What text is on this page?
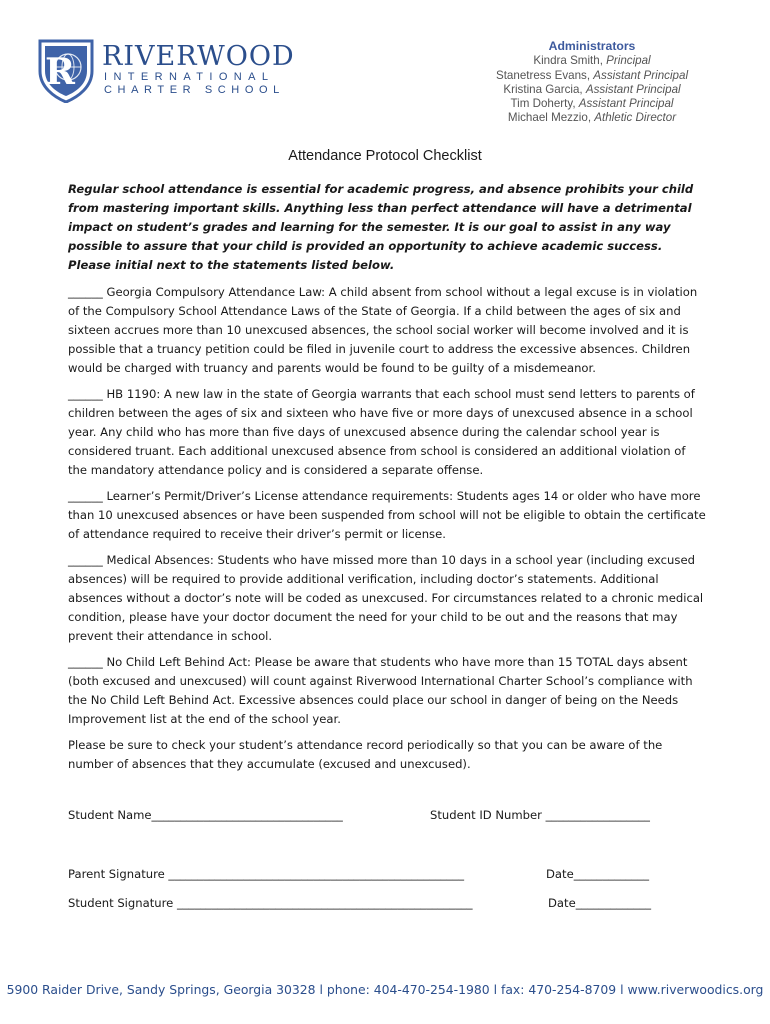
R RIVERWOOD
INTERNATIONAL
CHARTER SCHOOL
Administrators
Kindra Smith, Principal
Stanetress Evans, Assistant Principal
Kristina Garcia, Assistant Principal
Tim Doherty, Assistant Principal
Michael Mezzio, Athletic Director
Attendance Protocol Checklist

Regular school attendance is essential for academic progress, and absence prohibits your child from mastering important skills. Anything less than perfect attendance will have a detrimental impact on student’s grades and learning for the semester. It is our goal to assist in any way possible to assure that your child is provided an opportunity to achieve academic success. Please initial next to the statements listed below.

______ Georgia Compulsory Attendance Law: A child absent from school without a legal excuse is in violation of the Compulsory School Attendance Laws of the State of Georgia. If a child between the ages of six and sixteen accrues more than 10 unexcused absences, the school social worker will become involved and it is possible that a truancy petition could be filed in juvenile court to address the excessive absences. Children would be charged with truancy and parents would be found to be guilty of a misdemeanor.

______ HB 1190: A new law in the state of Georgia warrants that each school must send letters to parents of children between the ages of six and sixteen who have five or more days of unexcused absence in a school year. Any child who has more than five days of unexcused absence during the calendar school year is considered truant. Each additional unexcused absence from school is considered an additional violation of the mandatory attendance policy and is considered a separate offense.

______ Learner’s Permit/Driver’s License attendance requirements: Students ages 14 or older who have more than 10 unexcused absences or have been suspended from school will not be eligible to obtain the certificate of attendance required to receive their driver’s permit or license.

______ Medical Absences: Students who have missed more than 10 days in a school year (including excused absences) will be required to provide additional verification, including doctor’s statements. Additional absences without a doctor’s note will be coded as unexcused. For circumstances related to a chronic medical condition, please have your doctor document the need for your child to be out and the reasons that may prevent their attendance in school.

______ No Child Left Behind Act: Please be aware that students who have more than 15 TOTAL days absent (both excused and unexcused) will count against Riverwood International Charter School’s compliance with the No Child Left Behind Act. Excessive absences could place our school in danger of being on the Needs Improvement list at the end of the school year.

Please be sure to check your student’s attendance record periodically so that you can be aware of the number of absences that they accumulate (excused and unexcused).

Student Name_________________________________	Student ID Number __________________
Parent Signature ___________________________________________________	Date_____________
Student Signature ___________________________________________________	Date_____________
5900 Raider Drive, Sandy Springs, Georgia 30328 l phone: 404-470-254-1980 l fax: 470-254-8709 l www.riverwoodics.org
